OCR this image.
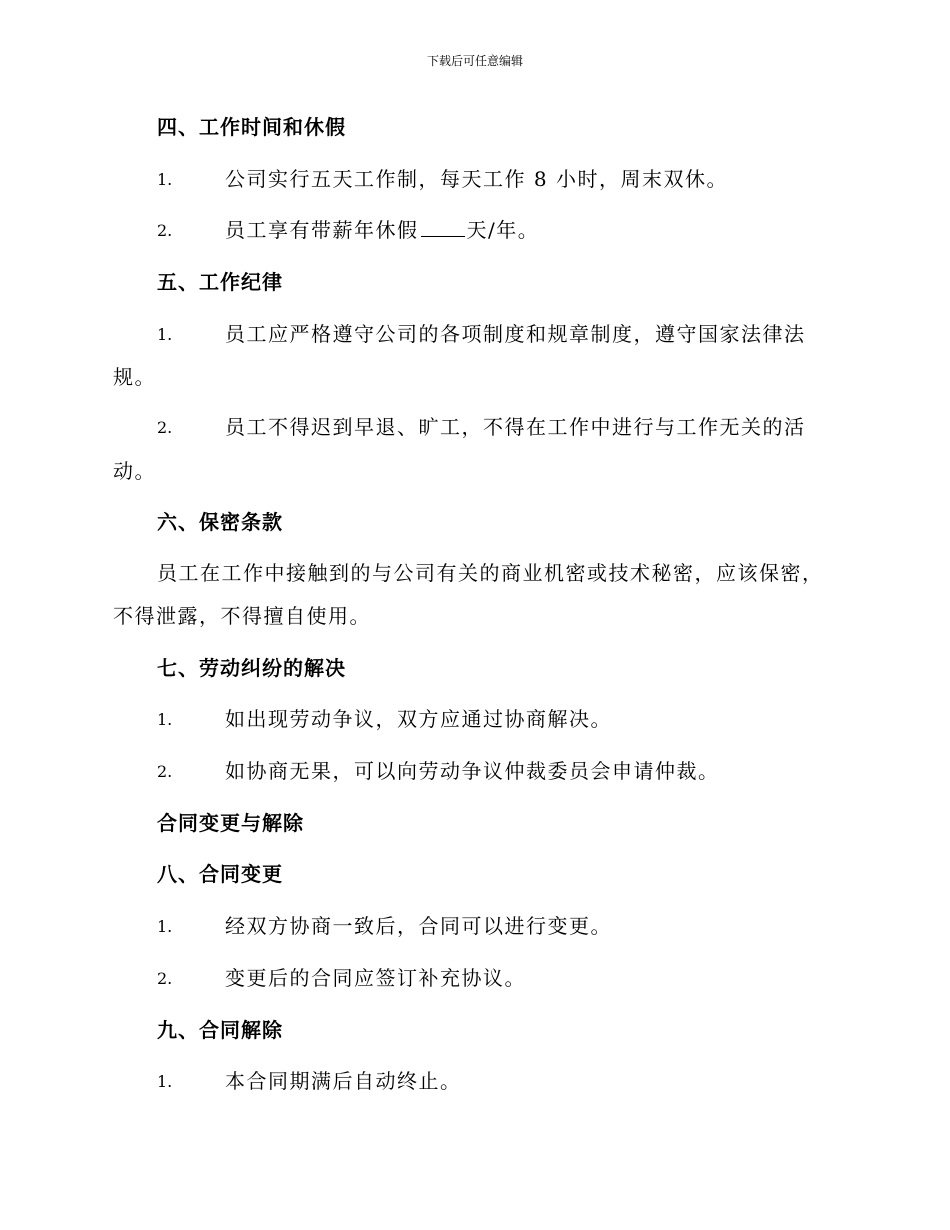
下载后可任意编辑
四、工作时间和休假
1.	公司实行五天工作制，每天工作 8 小时，周末双休。
2.	员工享有带薪年休假 天/年。
五、工作纪律
1.	员工应严格遵守公司的各项制度和规章制度，遵守国家法律法
规。
2.	员工不得迟到早退、旷工，不得在工作中进行与工作无关的活
动。
六、保密条款
员工在工作中接触到的与公司有关的商业机密或技术秘密，应该保密，
不得泄露，不得擅自使用。
七、劳动纠纷的解决
1.	如出现劳动争议，双方应通过协商解决。
2.	如协商无果，可以向劳动争议仲裁委员会申请仲裁。
合同变更与解除
八、合同变更
1.	经双方协商一致后，合同可以进行变更。
2.	变更后的合同应签订补充协议。
九、合同解除
1.	本合同期满后自动终止。
